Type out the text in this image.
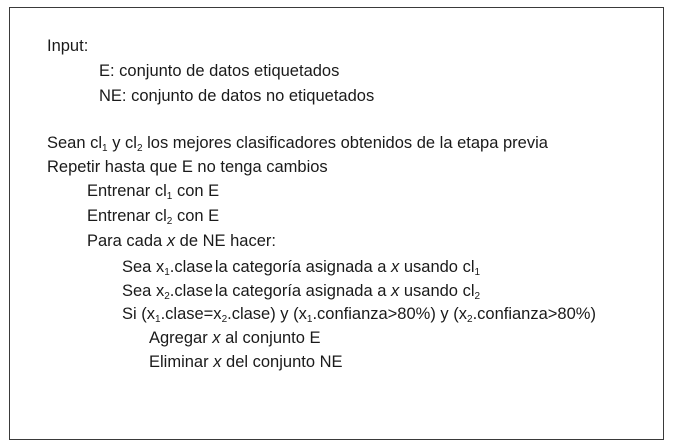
Input:
E: conjunto de datos etiquetados
NE: conjunto de datos no etiquetados
Sean $cl_1$ y $cl_2$ los mejores clasificadores obtenidos de la etapa previa
Repetir hasta que E no tenga cambios
Entrenar $cl_1$ con E
Entrenar $cl_2$ con E
Para cada x de NE hacer:
Sea $x_1.clase$ la categoría asignada a x usando $cl_1$
Sea $x_2.clase$ la categoría asignada a x usando $cl_2$
Si $(x_1.clase=x_2.clase)$ y $(x_1.confianza>80\%)$ y $(x_2.confianza>80\%)$
Agregar x al conjunto E
Eliminar x del conjunto NE
